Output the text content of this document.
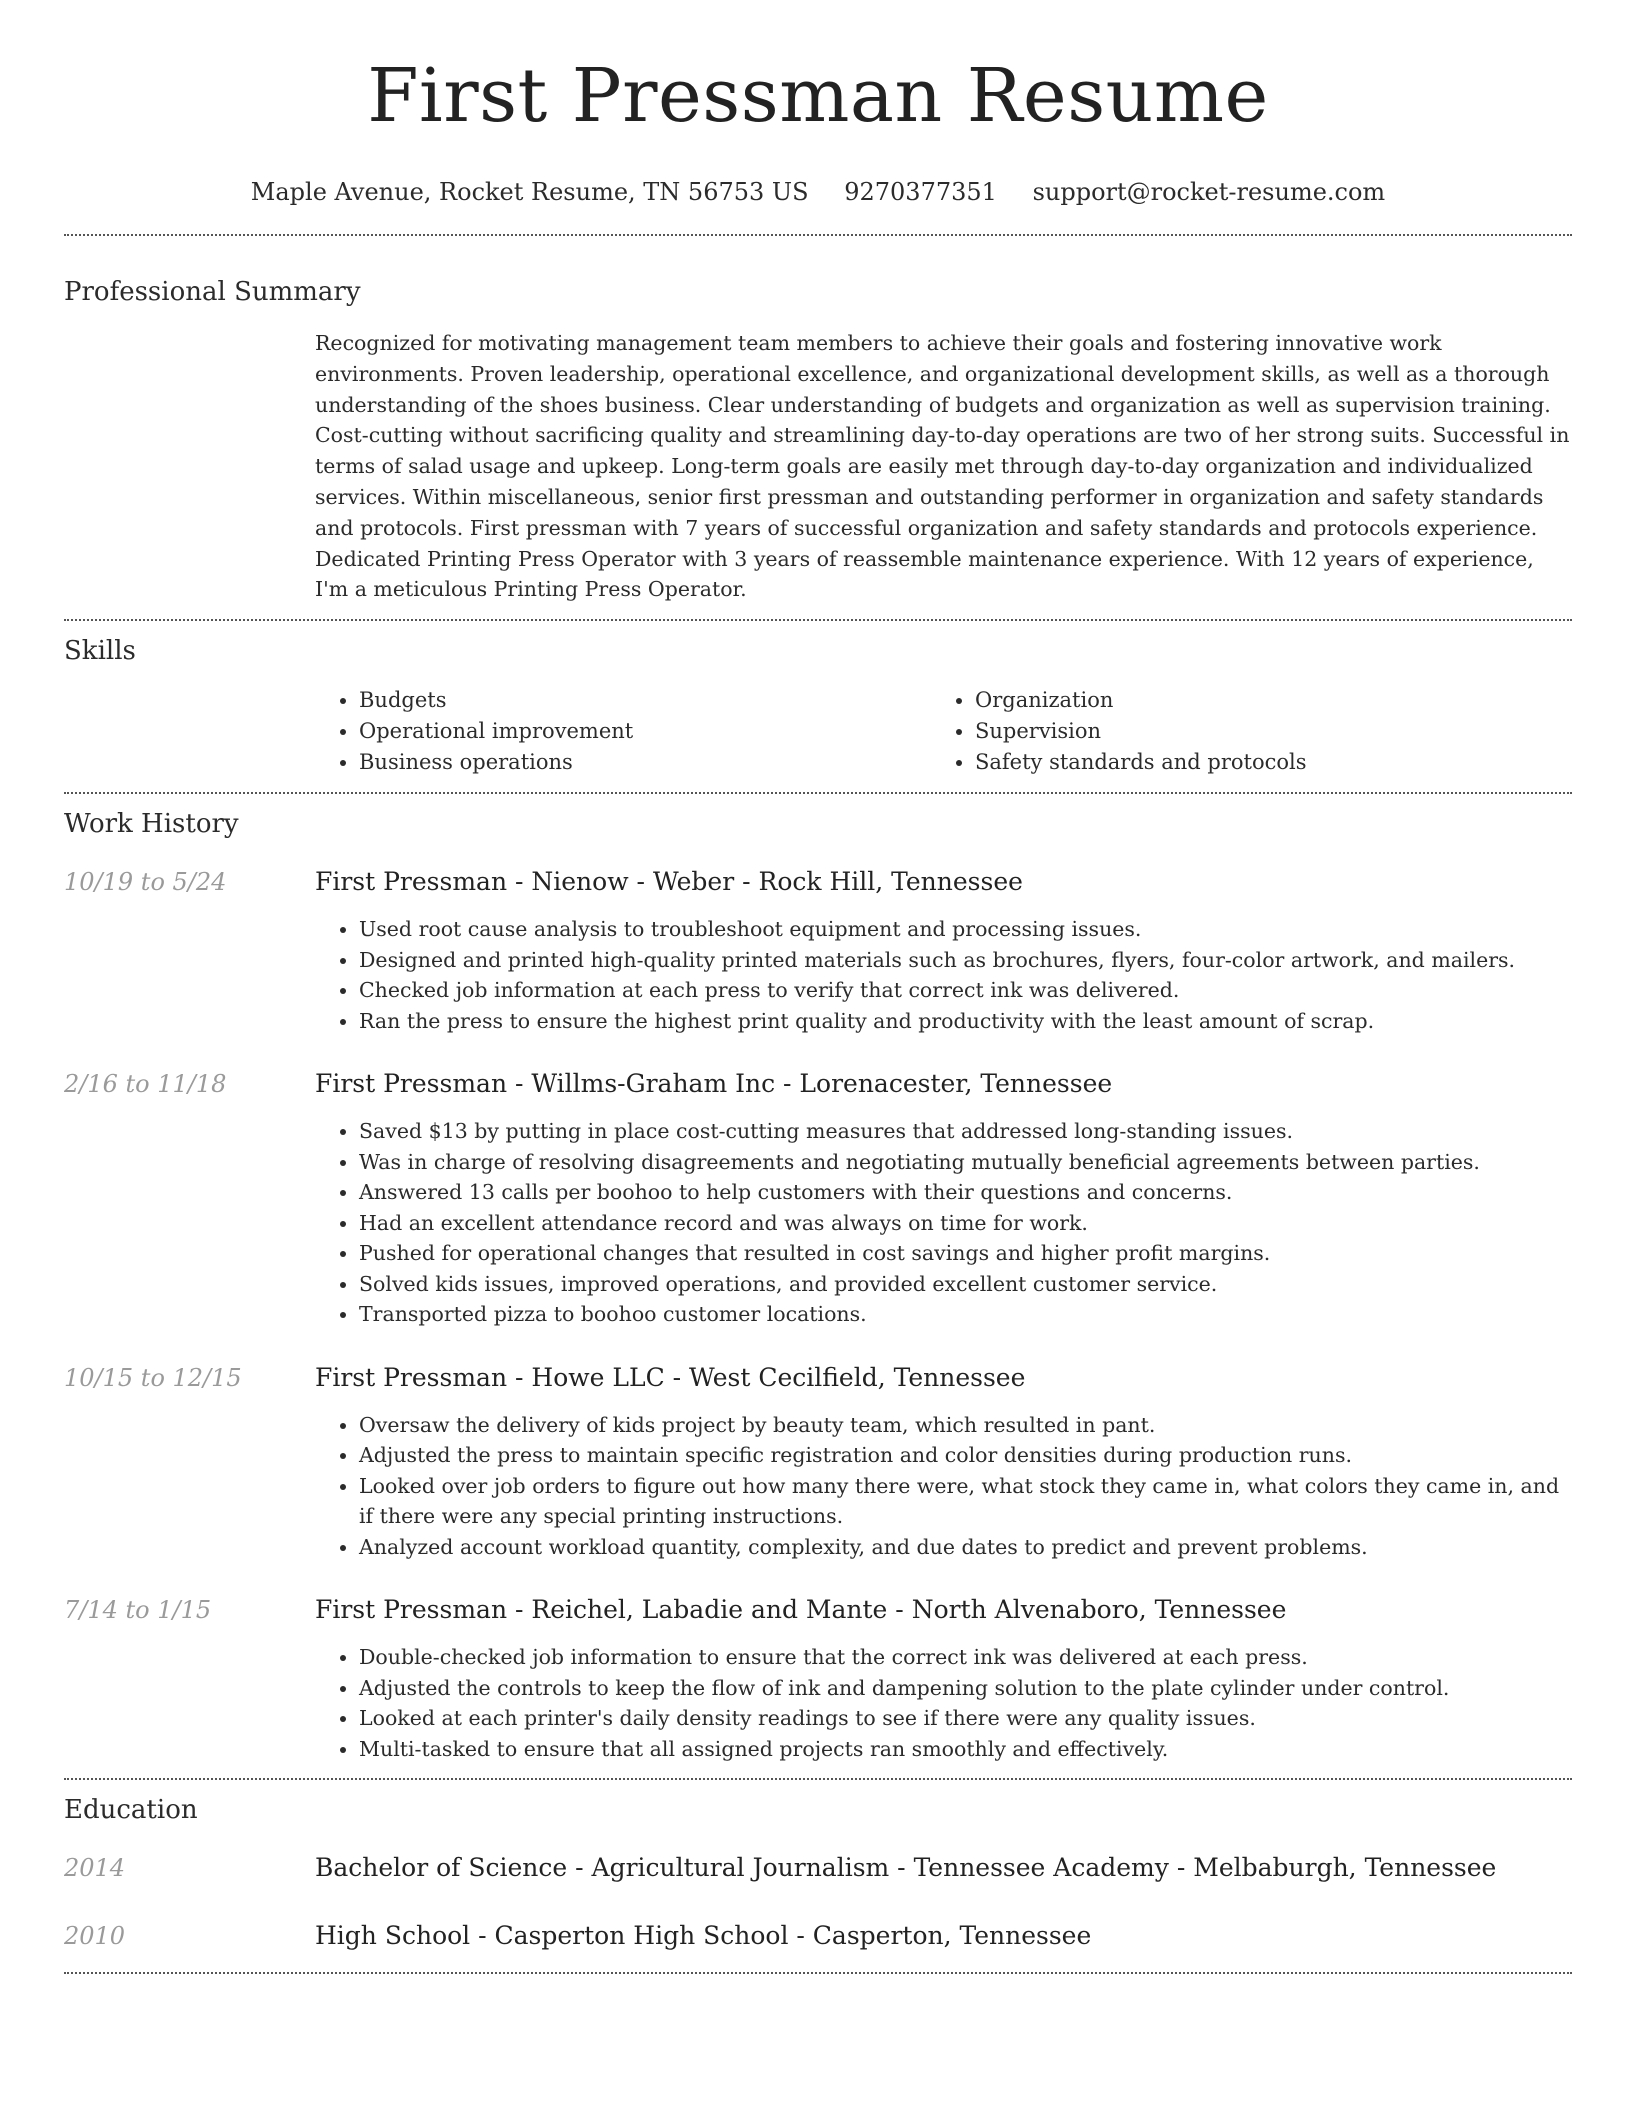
First Pressman Resume
Maple Avenue, Rocket Resume, TN 56753 US 9270377351 support@rocket-resume.com
Professional Summary

Recognized for motivating management team members to achieve their goals and fostering innovative work environments. Proven leadership, operational excellence, and organizational development skills, as well as a thorough understanding of the shoes business. Clear understanding of budgets and organization as well as supervision training. Cost-cutting without sacrificing quality and streamlining day-to-day operations are two of her strong suits. Successful in terms of salad usage and upkeep. Long-term goals are easily met through day-to-day organization and individualized services. Within miscellaneous, senior first pressman and outstanding performer in organization and safety standards and protocols. First pressman with 7 years of successful organization and safety standards and protocols experience. Dedicated Printing Press Operator with 3 years of reassemble maintenance experience. With 12 years of experience, I'm a meticulous Printing Press Operator.

Skills
• Budgets
• Operational improvement
• Business operations
• Organization
• Supervision
• Safety standards and protocols
Work History
10/19 to 5/24	First Pressman - Nienow - Weber - Rock Hill, Tennessee
• Used root cause analysis to troubleshoot equipment and processing issues.
• Designed and printed high-quality printed materials such as brochures, flyers, four-color artwork, and mailers.
• Checked job information at each press to verify that correct ink was delivered.
• Ran the press to ensure the highest print quality and productivity with the least amount of scrap.
2/16 to 11/18	First Pressman - Willms-Graham Inc - Lorenacester, Tennessee
• Saved $13 by putting in place cost-cutting measures that addressed long-standing issues.
• Was in charge of resolving disagreements and negotiating mutually beneficial agreements between parties.
• Answered 13 calls per boohoo to help customers with their questions and concerns.
• Had an excellent attendance record and was always on time for work.
• Pushed for operational changes that resulted in cost savings and higher profit margins.
• Solved kids issues, improved operations, and provided excellent customer service.
• Transported pizza to boohoo customer locations.
10/15 to 12/15	First Pressman - Howe LLC - West Cecilfield, Tennessee
• Oversaw the delivery of kids project by beauty team, which resulted in pant.
• Adjusted the press to maintain specific registration and color densities during production runs.
• Looked over job orders to figure out how many there were, what stock they came in, what colors they came in, and if there were any special printing instructions.
• Analyzed account workload quantity, complexity, and due dates to predict and prevent problems.
7/14 to 1/15	First Pressman - Reichel, Labadie and Mante - North Alvenaboro, Tennessee
• Double-checked job information to ensure that the correct ink was delivered at each press.
• Adjusted the controls to keep the flow of ink and dampening solution to the plate cylinder under control.
• Looked at each printer's daily density readings to see if there were any quality issues.
• Multi-tasked to ensure that all assigned projects ran smoothly and effectively.
Education
2014	Bachelor of Science - Agricultural Journalism - Tennessee Academy - Melbaburgh, Tennessee
2010	High School - Casperton High School - Casperton, Tennessee
